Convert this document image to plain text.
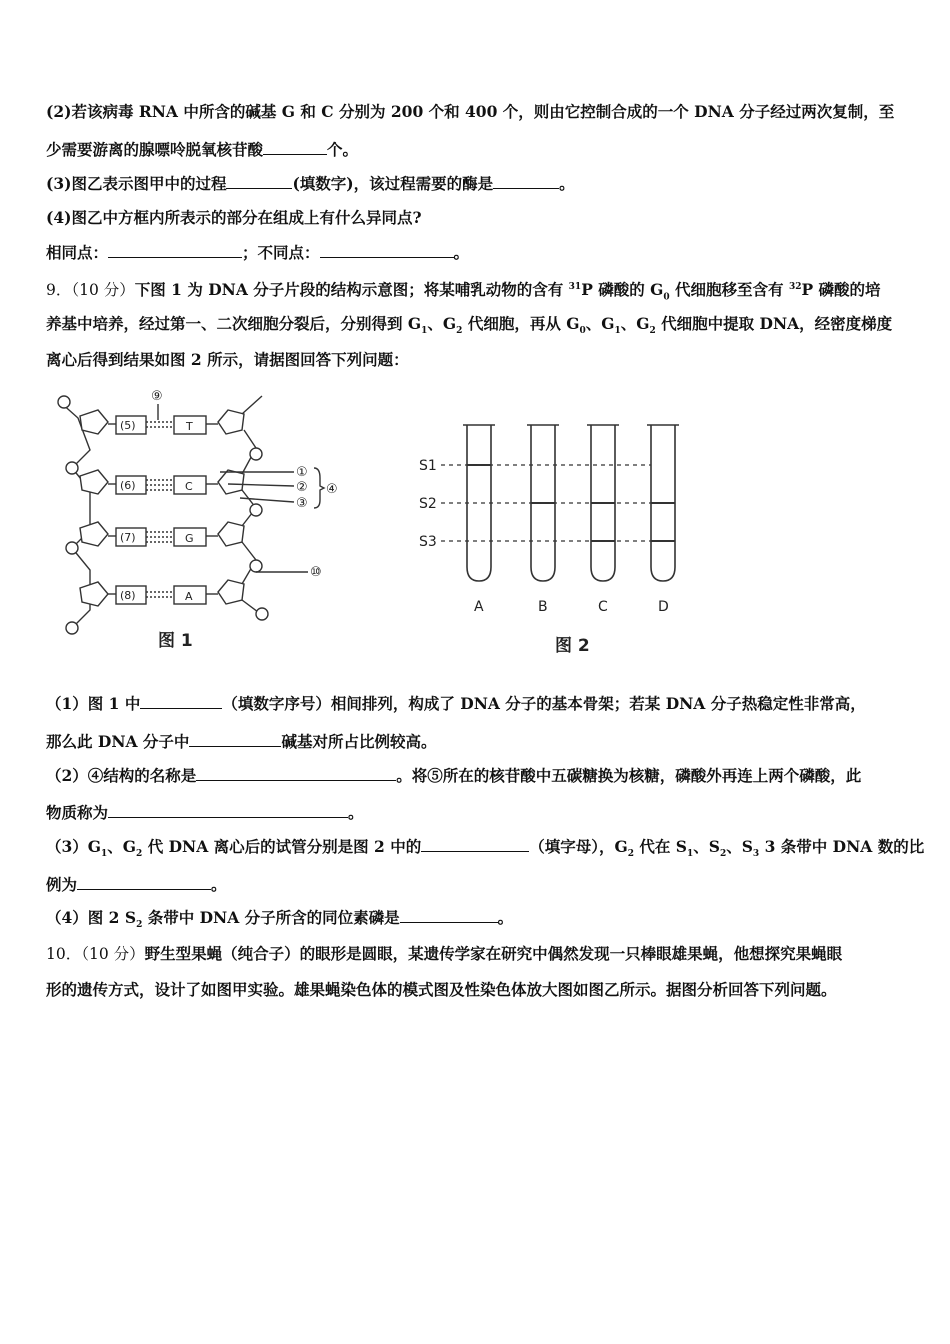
(2)若该病毒 RNA 中所含的碱基 G 和 C 分别为 200 个和 400 个，则由它控制合成的一个 DNA 分子经过两次复制，至
少需要游离的腺嘌呤脱氧核苷酸	个。
(3)图乙表示图甲中的过程	(填数字)，该过程需要的酶是	。
(4)图乙中方框内所表示的部分在组成上有什么异同点?
相同点：	；不同点：	。
9．（10 分）下图 1 为 DNA 分子片段的结构示意图；将某哺乳动物的含有 $^{31}$P 磷酸的 $G_0$ 代细胞移至含有 $^{32}$P 磷酸的培
养基中培养，经过第一、二次细胞分裂后，分别得到 $G_1$、$G_2$ 代细胞，再从 $G_0$、$G_1$、$G_2$ 代细胞中提取 DNA，经密度梯度
离心后得到结果如图 2 所示，请据图回答下列问题：
(5)
(6)
(7)
(8)
T
C
G
A
⑨
①
②
③
④
⑩
图 1
S1
S2
S3
A	B	C	D
图 2
（1）图 1 中	（填数字序号）相间排列，构成了 DNA 分子的基本骨架；若某 DNA 分子热稳定性非常高，
那么此 DNA 分子中	碱基对所占比例较高。
（2）④结构的名称是	。将⑤所在的核苷酸中五碳糖换为核糖，磷酸外再连上两个磷酸，此
物质称为	。
$(3)G_1$、$G_2$ 代 DNA 离心后的试管分别是图 2 中的	（填字母），$G_2$ 代在 $S_1$、$S_2$、$S_3$ 3 条带中 DNA 数的比
例为	。
（4）图 2 $S_2$ 条带中 DNA 分子所含的同位素磷是	。
10．（10 分）野生型果蝇（纯合子）的眼形是圆眼，某遗传学家在研究中偶然发现一只棒眼雄果蝇，他想探究果蝇眼
形的遗传方式，设计了如图甲实验。雄果蝇染色体的模式图及性染色体放大图如图乙所示。据图分析回答下列问题。
